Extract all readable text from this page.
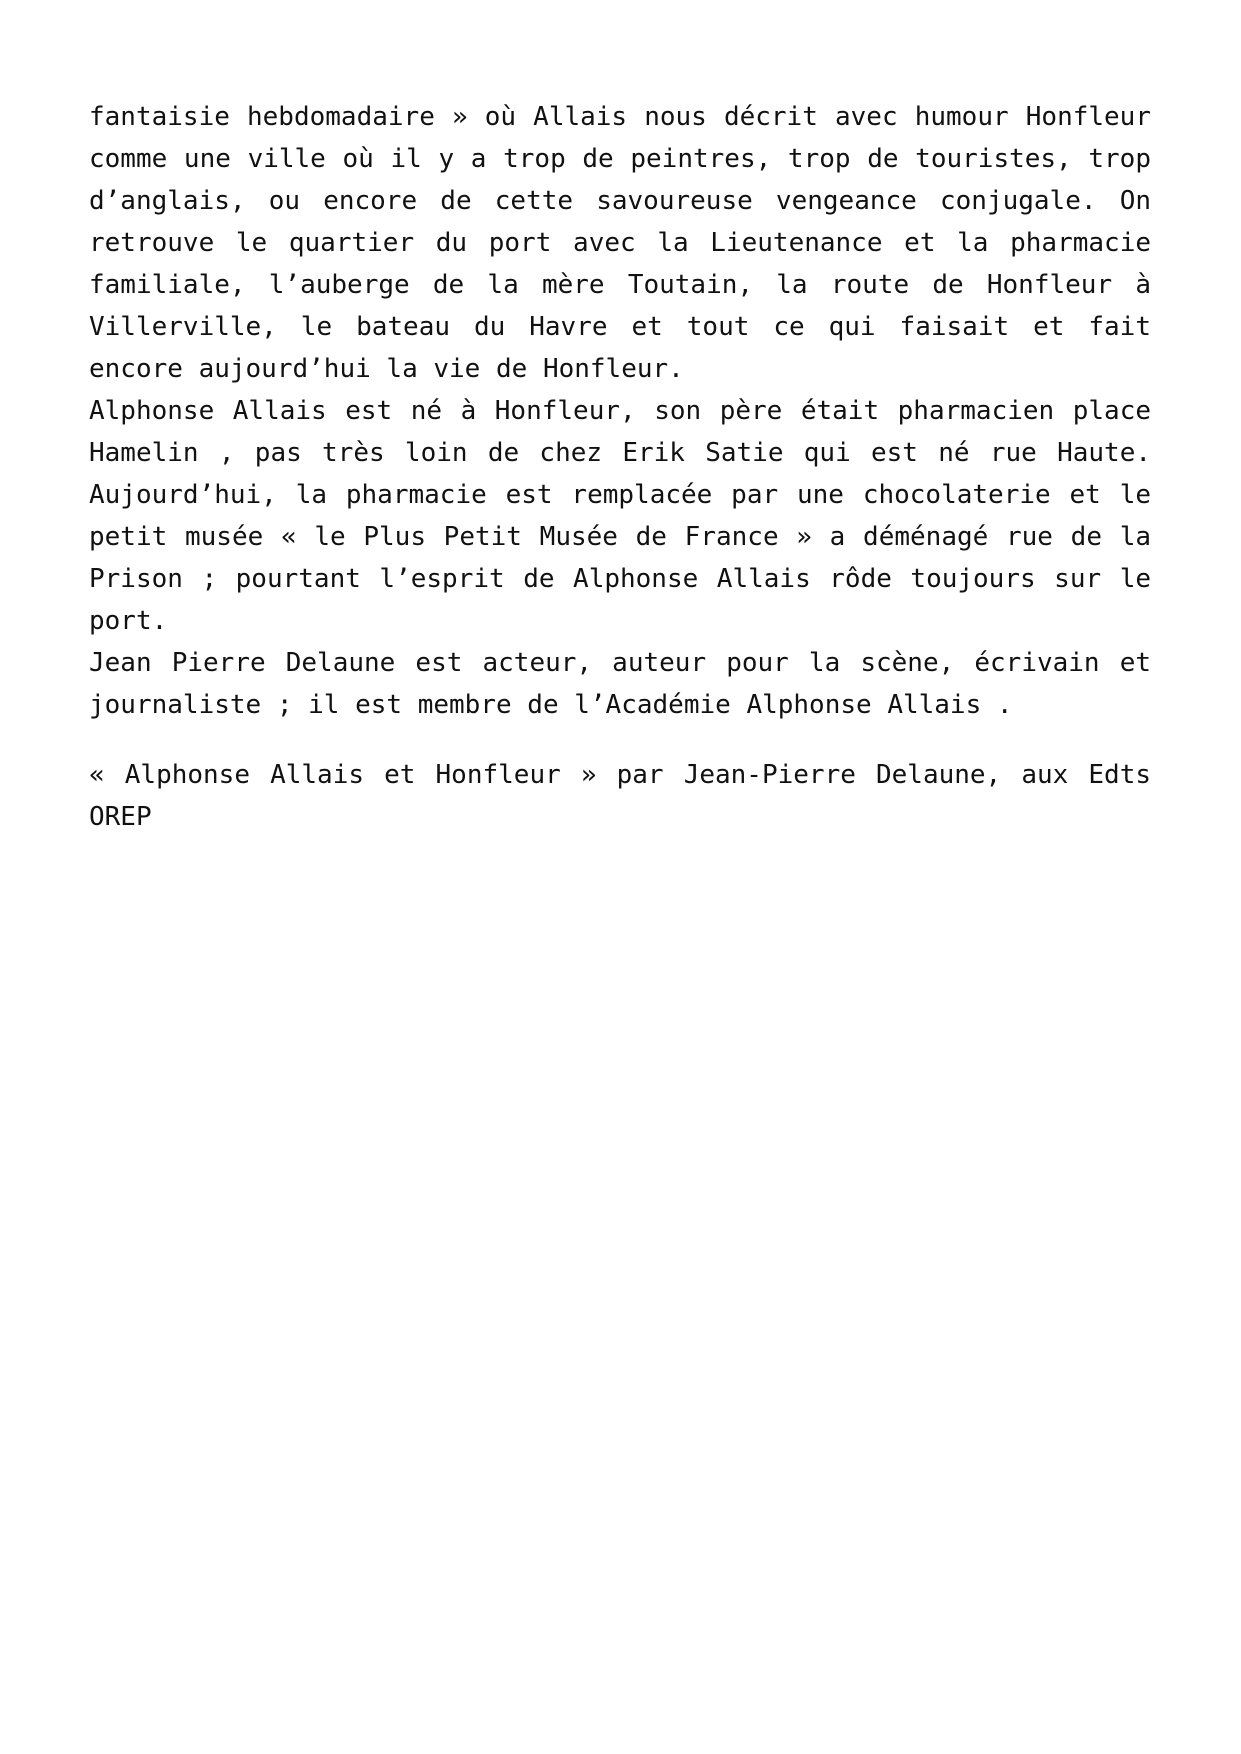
fantaisie hebdomadaire » où Allais nous décrit avec humour Honfleur comme une ville où il y a trop de peintres, trop de touristes, trop d’anglais, ou encore de cette savoureuse vengeance conjugale. On retrouve le quartier du port avec la Lieutenance et la pharmacie familiale, l’auberge de la mère Toutain, la route de Honfleur à Villerville, le bateau du Havre et tout ce qui faisait et fait encore aujourd’hui la vie de Honfleur.

Alphonse Allais est né à Honfleur, son père était pharmacien place Hamelin , pas très loin de chez Erik Satie qui est né rue Haute. Aujourd’hui, la pharmacie est remplacée par une chocolaterie et le petit musée « le Plus Petit Musée de France » a déménagé rue de la Prison ; pourtant l’esprit de Alphonse Allais rôde toujours sur le port.

Jean Pierre Delaune est acteur, auteur pour la scène, écrivain et journaliste ; il est membre de l’Académie Alphonse Allais .

« Alphonse Allais et Honfleur » par Jean-Pierre Delaune, aux Edts OREP
